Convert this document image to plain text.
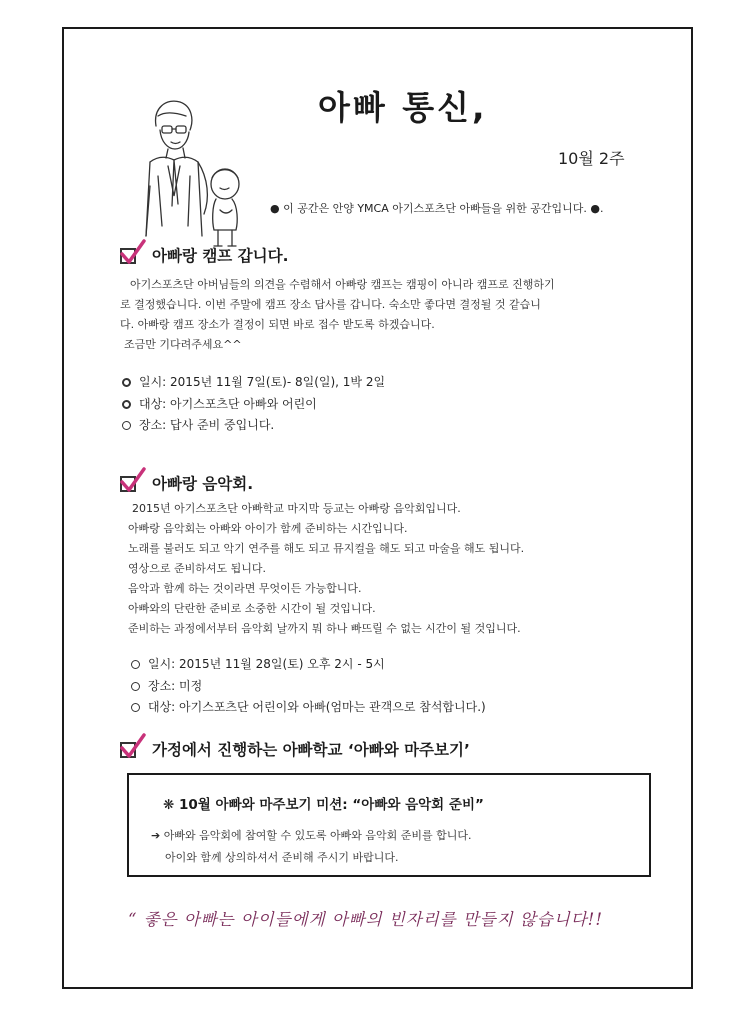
아빠 통신,
10월 2주
● 이 공간은 안양 YMCA 아기스포츠단 아빠들을 위한 공간입니다. ●.
아빠랑 캠프 갑니다.
아기스포츠단 아버님들의 의견을 수렴해서 아빠랑 캠프는 캠핑이 아니라 캠프로 진행하기
로 결정했습니다. 이번 주말에 캠프 장소 답사를 갑니다. 숙소만 좋다면 결정될 것 같습니
다. 아빠랑 캠프 장소가 결정이 되면 바로 접수 받도록 하겠습니다.
조금만 기다려주세요^^
일시: 2015년 11월 7일(토)- 8일(일), 1박 2일
대상: 아기스포츠단 아빠와 어린이
장소: 답사 준비 중입니다.
아빠랑 음악회.
2015년 아기스포츠단 아빠학교 마지막 등교는 아빠랑 음악회입니다.
아빠랑 음악회는 아빠와 아이가 함께 준비하는 시간입니다.
노래를 불러도 되고 악기 연주를 해도 되고 뮤지컬을 해도 되고 마술을 해도 됩니다.
영상으로 준비하셔도 됩니다.
음악과 함께 하는 것이라면 무엇이든 가능합니다.
아빠와의 단란한 준비로 소중한 시간이 될 것입니다.
준비하는 과정에서부터 음악회 날까지 뭐 하나 빠뜨릴 수 없는 시간이 될 것입니다.
일시: 2015년 11월 28일(토) 오후 2시 - 5시
장소: 미정
대상: 아기스포츠단 어린이와 아빠(엄마는 관객으로 참석합니다.)
가정에서 진행하는 아빠학교 ‘아빠와 마주보기’
❋ 10월 아빠와 마주보기 미션: “아빠와 음악회 준비”
➔ 아빠와 음악회에 참여할 수 있도록 아빠와 음악회 준비를 합니다.
아이와 함께 상의하셔서 준비해 주시기 바랍니다.
“ 좋은 아빠는 아이들에게 아빠의 빈자리를 만들지 않습니다!!
